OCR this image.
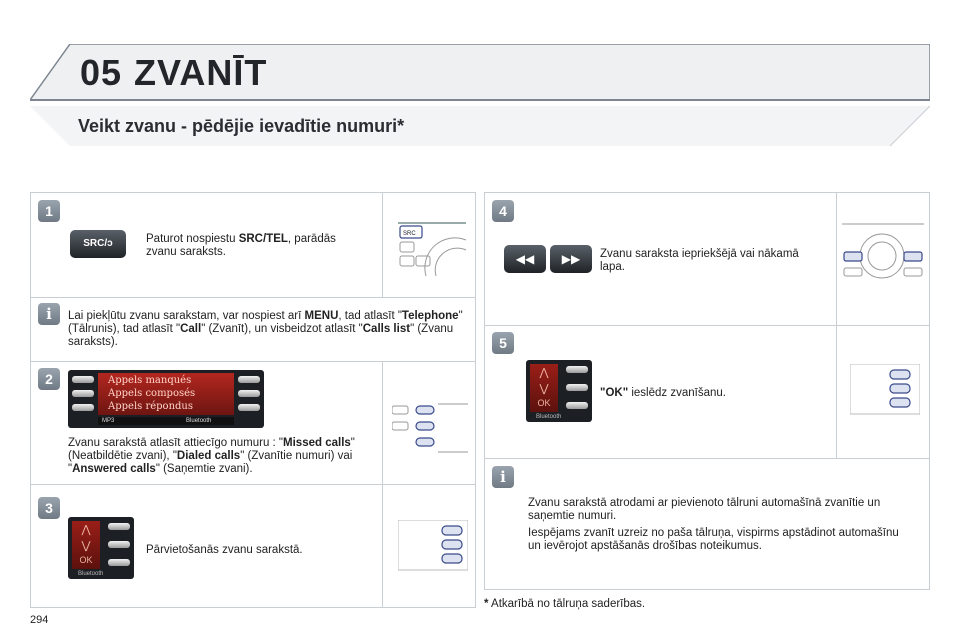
05 ZVANĪT
Veikt zvanu - pēdējie ievadītie numuri*
1
SRC/ↄ	Paturot nospiestu SRC/TEL, parādās zvanu saraksts.
SRC
i	Lai piekļūtu zvanu sarakstam, var nospiest arī MENU, tad atlasīt "Telephone" (Tālrunis), tad atlasīt "Call" (Zvanīt), un visbeidzot atlasīt "Calls list" (Zvanu saraksts).
2	Appels manqués
Appels composés
Appels répondus
MP3	Bluetooth
Zvanu sarakstā atlasīt attiecīgo numuru : "Missed calls" (Neatbildētie zvani), "Dialed calls" (Zvanītie numuri) vai "Answered calls" (Saņemtie zvani).
3
⋀
⋁
OK
Bluetooth
Pārvietošanās zvanu sarakstā.
4
◀◀	▶▶	Zvanu saraksta iepriekšējā vai nākamā lapa.
5
⋀
⋁
OK
Bluetooth
"OK" ieslēdz zvanīšanu.
i
Zvanu sarakstā atrodami ar pievienoto tālruni automašīnā zvanītie un saņemtie numuri.
Iespējams zvanīt uzreiz no paša tālruņa, vispirms apstādinot automašīnu un ievērojot apstāšanās drošības noteikumus.
* Atkarībā no tālruņa saderības.
294
